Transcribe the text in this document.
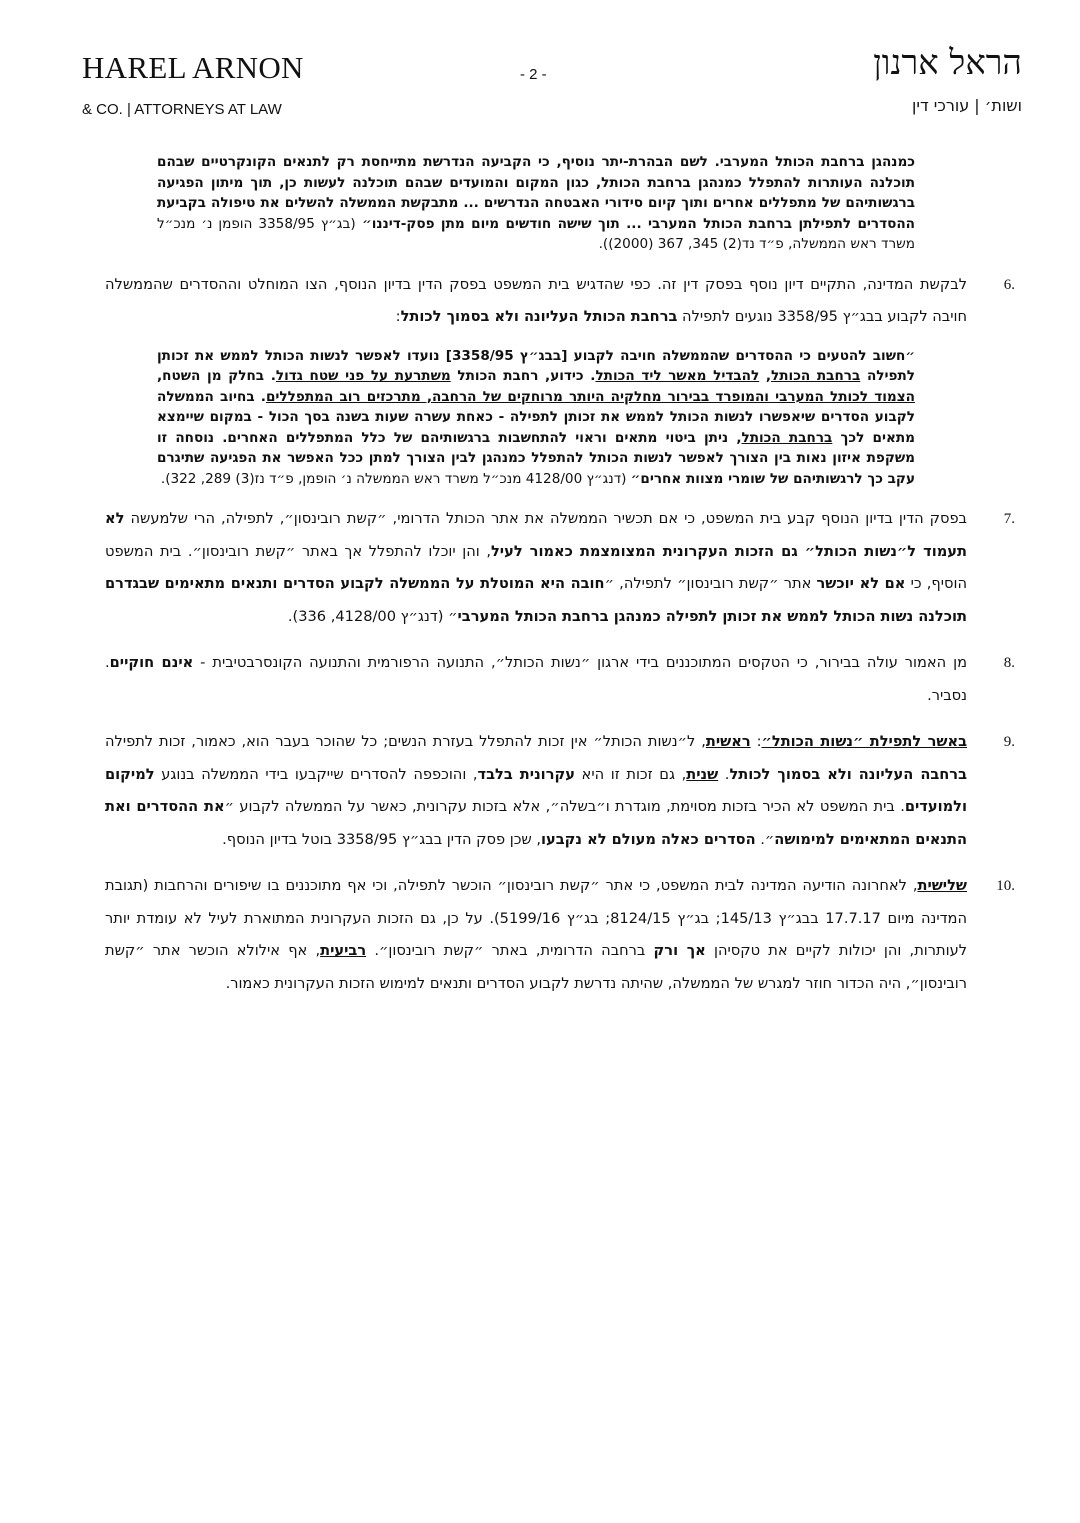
HAREL ARNON
& CO. | ATTORNEYS AT LAW
- 2 -	הראל ארנון
ושות׳ | עורכי דין
כמנהגן ברחבת הכותל המערבי. לשם הבהרת-יתר נוסיף, כי הקביעה הנדרשת מתייחסת רק לתנאים הקונקרטיים שבהם תוכלנה העותרות להתפלל כמנהגן ברחבת הכותל, כגון המקום והמועדים שבהם תוכלנה לעשות כן, תוך מיתון הפגיעה ברגשותיהם של מתפללים אחרים ותוך קיום סידורי האבטחה הנדרשים ... מתבקשת הממשלה להשלים את טיפולה בקביעת ההסדרים לתפילתן ברחבת הכותל המערבי ... תוך שישה חודשים מיום מתן פסק-דיננו״ (בג״ץ 3358/95 הופמן נ׳ מנכ״ל משרד ראש הממשלה, פ״ד נד(2) 345, 367 (2000)).
6.
לבקשת המדינה, התקיים דיון נוסף בפסק דין זה. כפי שהדגיש בית המשפט בפסק הדין בדיון הנוסף, הצו המוחלט וההסדרים שהממשלה חויבה לקבוע בבג״ץ 3358/95 נוגעים לתפילה ברחבת הכותל העליונה ולא בסמוך לכותל:
״חשוב להטעים כי ההסדרים שהממשלה חויבה לקבוע [בבג״ץ 3358/95] נועדו לאפשר לנשות הכותל לממש את זכותן לתפילה ברחבת הכותל, להבדיל מאשר ליד הכותל. כידוע, רחבת הכותל משתרעת על פני שטח גדול. בחלק מן השטח, הצמוד לכותל המערבי והמופרד בבירור מחלקיה היותר מרוחקים של הרחבה, מתרכזים רוב המתפללים. בחיוב הממשלה לקבוע הסדרים שיאפשרו לנשות הכותל לממש את זכותן לתפילה - כאחת עשרה שעות בשנה בסך הכול - במקום שיימצא מתאים לכך ברחבת הכותל, ניתן ביטוי מתאים וראוי להתחשבות ברגשותיהם של כלל המתפללים האחרים. נוסחה זו משקפת איזון נאות בין הצורך לאפשר לנשות הכותל להתפלל כמנהגן לבין הצורך למתן ככל האפשר את הפגיעה שתיגרם עקב כך לרגשותיהם של שומרי מצוות אחרים״ (דנג״ץ 4128/00 מנכ״ל משרד ראש הממשלה נ׳ הופמן, פ״ד נז(3) 289, 322).
7.
בפסק הדין בדיון הנוסף קבע בית המשפט, כי אם תכשיר הממשלה את אתר הכותל הדרומי, ״קשת רובינסון״, לתפילה, הרי שלמעשה לא תעמוד ל״נשות הכותל״ גם הזכות העקרונית המצומצמת כאמור לעיל, והן יוכלו להתפלל אך באתר ״קשת רובינסון״. בית המשפט הוסיף, כי אם לא יוכשר אתר ״קשת רובינסון״ לתפילה, ״חובה היא המוטלת על הממשלה לקבוע הסדרים ותנאים מתאימים שבגדרם תוכלנה נשות הכותל לממש את זכותן לתפילה כמנהגן ברחבת הכותל המערבי״ (דנג״ץ 4128/00, 336).
8.
מן האמור עולה בבירור, כי הטקסים המתוכננים בידי ארגון ״נשות הכותל״, התנועה הרפורמית והתנועה הקונסרבטיבית - אינם חוקיים. נסביר.
9.
באשר לתפילת ״נשות הכותל״: ראשית, ל״נשות הכותל״ אין זכות להתפלל בעזרת הנשים; כל שהוכר בעבר הוא, כאמור, זכות לתפילה ברחבה העליונה ולא בסמוך לכותל. שנית, גם זכות זו היא עקרונית בלבד, והוכפפה להסדרים שייקבעו בידי הממשלה בנוגע למיקום ולמועדים. בית המשפט לא הכיר בזכות מסוימת, מוגדרת ו״בשלה״, אלא בזכות עקרונית, כאשר על הממשלה לקבוע ״את ההסדרים ואת התנאים המתאימים למימושה״. הסדרים כאלה מעולם לא נקבעו, שכן פסק הדין בבג״ץ 3358/95 בוטל בדיון הנוסף.
10.
שלישית, לאחרונה הודיעה המדינה לבית המשפט, כי אתר ״קשת רובינסון״ הוכשר לתפילה, וכי אף מתוכננים בו שיפורים והרחבות (תגובת המדינה מיום 17.7.17 בבג״ץ 145/13; בג״ץ 8124/15; בג״ץ 5199/16). על כן, גם הזכות העקרונית המתוארת לעיל לא עומדת יותר לעותרות, והן יכולות לקיים את טקסיהן אך ורק ברחבה הדרומית, באתר ״קשת רובינסון״. רביעית, אף אילולא הוכשר אתר ״קשת רובינסון״, היה הכדור חוזר למגרש של הממשלה, שהיתה נדרשת לקבוע הסדרים ותנאים למימוש הזכות העקרונית כאמור.
